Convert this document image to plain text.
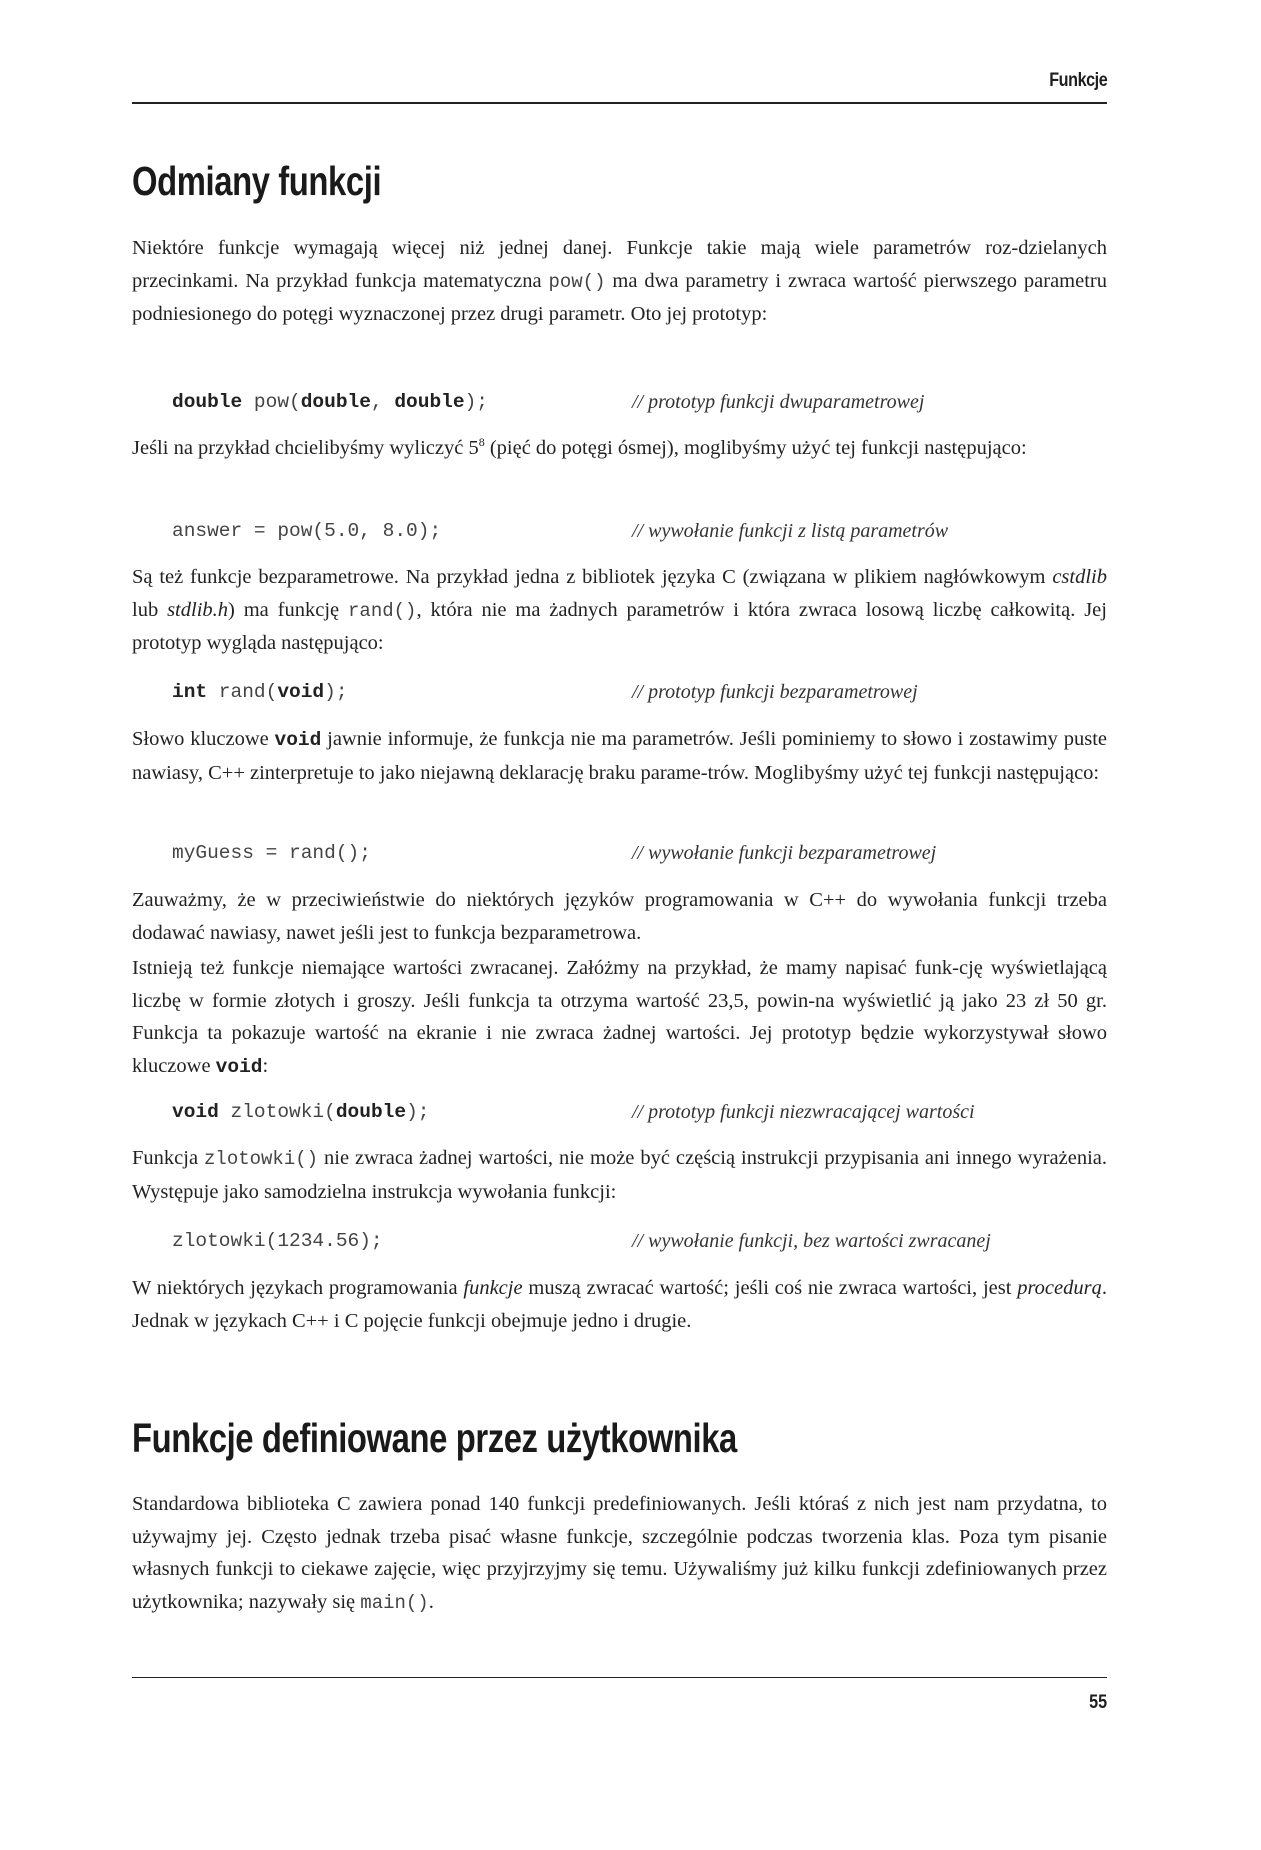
Funkcje
Odmiany funkcji

Niektóre funkcje wymagają więcej niż jednej danej. Funkcje takie mają wiele parametrów roz-dzielanych przecinkami. Na przykład funkcja matematyczna pow() ma dwa parametry i zwraca wartość pierwszego parametru podniesionego do potęgi wyznaczonej przez drugi parametr. Oto jej prototyp:

double pow(double, double);	// prototyp funkcji dwuparametrowej

Jeśli na przykład chcielibyśmy wyliczyć $5^8$ (pięć do potęgi ósmej), moglibyśmy użyć tej funkcji następująco:

answer = pow(5.0, 8.0);	// wywołanie funkcji z listą parametrów

Są też funkcje bezparametrowe. Na przykład jedna z bibliotek języka C (związana w plikiem nagłówkowym cstdlib lub stdlib.h) ma funkcję rand(), która nie ma żadnych parametrów i która zwraca losową liczbę całkowitą. Jej prototyp wygląda następująco:

int rand(void);	// prototyp funkcji bezparametrowej

Słowo kluczowe void jawnie informuje, że funkcja nie ma parametrów. Jeśli pominiemy to słowo i zostawimy puste nawiasy, C++ zinterpretuje to jako niejawną deklarację braku parame-trów. Moglibyśmy użyć tej funkcji następująco:

myGuess = rand();	// wywołanie funkcji bezparametrowej

Zauważmy, że w przeciwieństwie do niektórych języków programowania w C++ do wywołania funkcji trzeba dodawać nawiasy, nawet jeśli jest to funkcja bezparametrowa.

Istnieją też funkcje niemające wartości zwracanej. Załóżmy na przykład, że mamy napisać funk-cję wyświetlającą liczbę w formie złotych i groszy. Jeśli funkcja ta otrzyma wartość 23,5, powin-na wyświetlić ją jako 23 zł 50 gr. Funkcja ta pokazuje wartość na ekranie i nie zwraca żadnej wartości. Jej prototyp będzie wykorzystywał słowo kluczowe void:

void zlotowki(double);	// prototyp funkcji niezwracającej wartości

Funkcja zlotowki() nie zwraca żadnej wartości, nie może być częścią instrukcji przypisania ani innego wyrażenia. Występuje jako samodzielna instrukcja wywołania funkcji:

zlotowki(1234.56);	// wywołanie funkcji, bez wartości zwracanej

W niektórych językach programowania funkcje muszą zwracać wartość; jeśli coś nie zwraca wartości, jest procedurą. Jednak w językach C++ i C pojęcie funkcji obejmuje jedno i drugie.

Funkcje definiowane przez użytkownika

Standardowa biblioteka C zawiera ponad 140 funkcji predefiniowanych. Jeśli któraś z nich jest nam przydatna, to używajmy jej. Często jednak trzeba pisać własne funkcje, szczególnie podczas tworzenia klas. Poza tym pisanie własnych funkcji to ciekawe zajęcie, więc przyjrzyjmy się temu. Używaliśmy już kilku funkcji zdefiniowanych przez użytkownika; nazywały się main().

55
